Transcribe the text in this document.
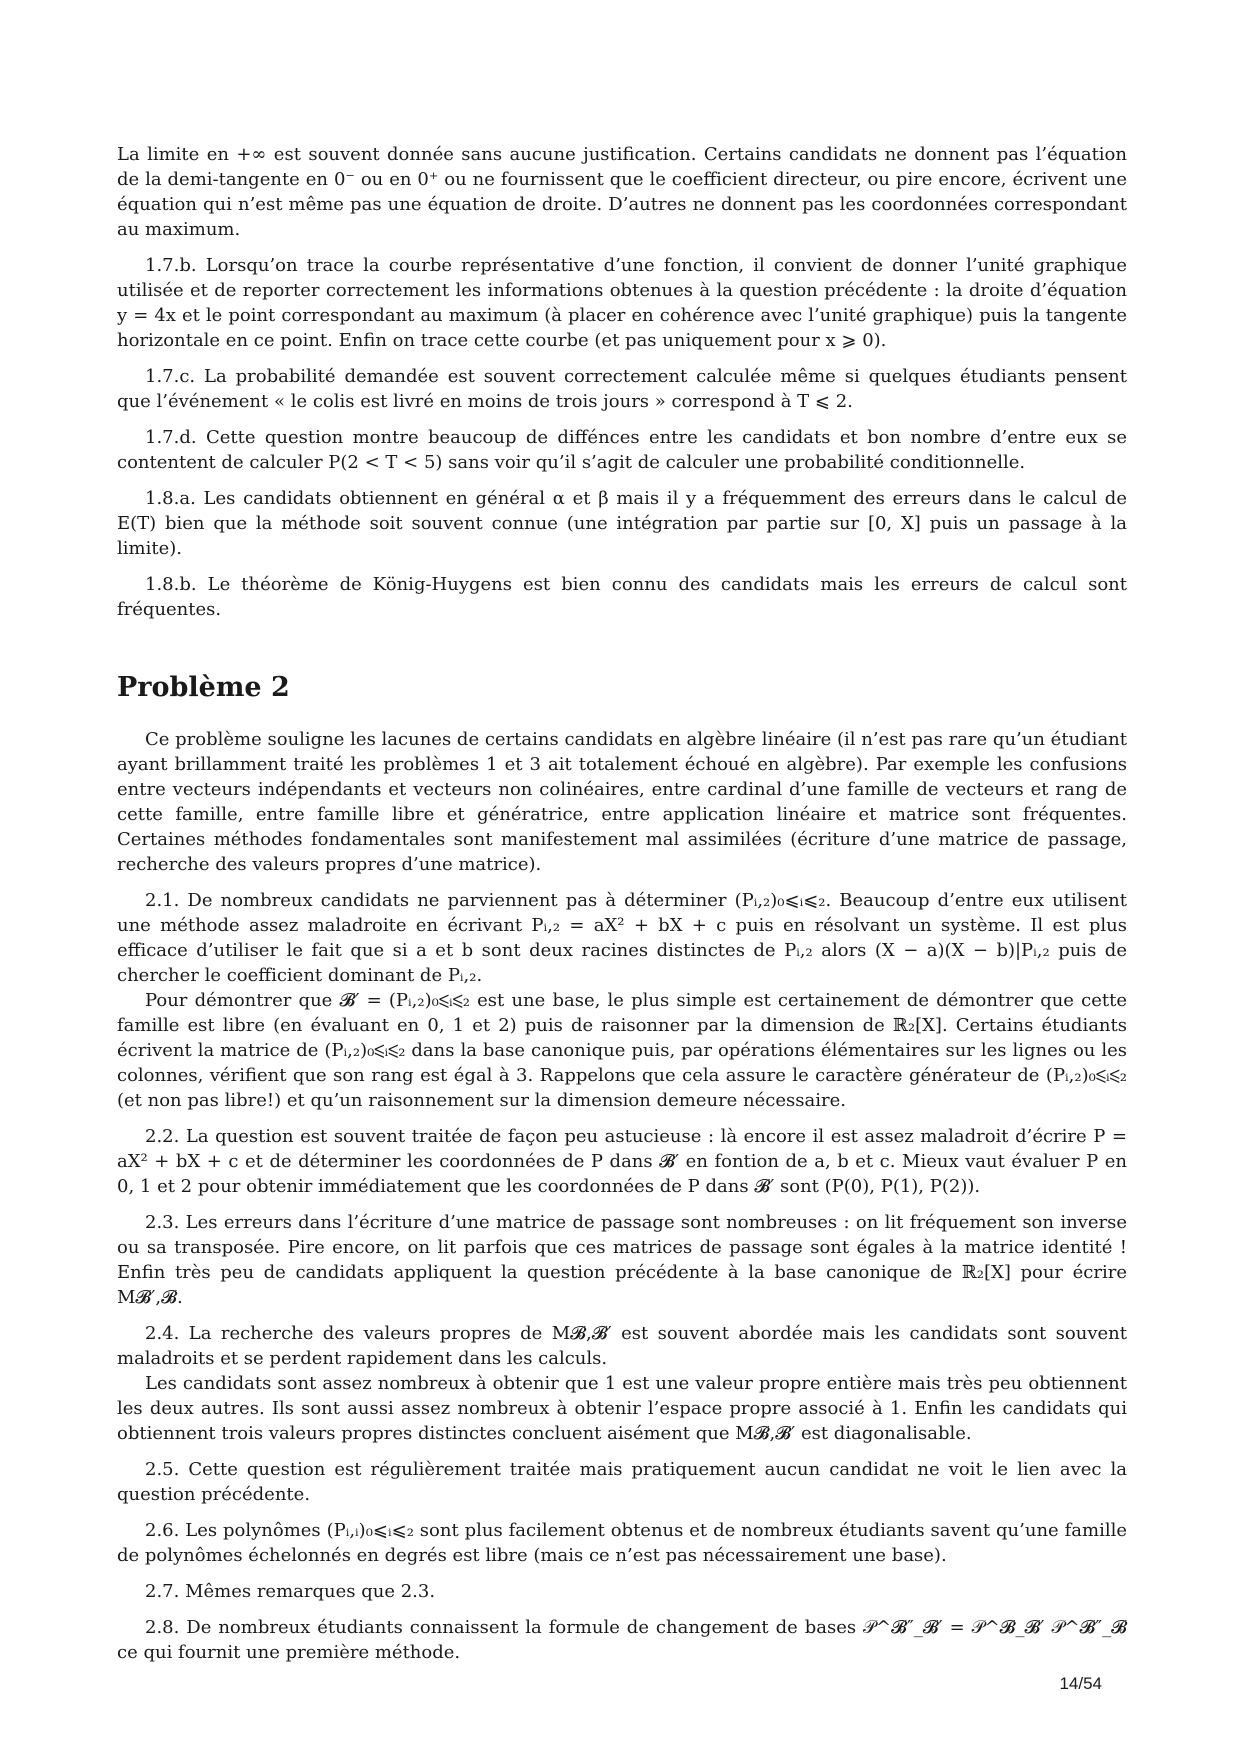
La limite en +∞ est souvent donnée sans aucune justification. Certains candidats ne donnent pas l’équation de la demi-tangente en 0⁻ ou en 0⁺ ou ne fournissent que le coefficient directeur, ou pire encore, écrivent une équation qui n’est même pas une équation de droite. D’autres ne donnent pas les coordonnées correspondant au maximum.

1.7.b. Lorsqu’on trace la courbe représentative d’une fonction, il convient de donner l’unité graphique utilisée et de reporter correctement les informations obtenues à la question précédente : la droite d’équation y = 4x et le point correspondant au maximum (à placer en cohérence avec l’unité graphique) puis la tangente horizontale en ce point. Enfin on trace cette courbe (et pas uniquement pour x ⩾ 0).

1.7.c. La probabilité demandée est souvent correctement calculée même si quelques étudiants pensent que l’événement « le colis est livré en moins de trois jours » correspond à T ⩽ 2.

1.7.d. Cette question montre beaucoup de diffénces entre les candidats et bon nombre d’entre eux se contentent de calculer P(2 < T < 5) sans voir qu’il s’agit de calculer une probabilité conditionnelle.

1.8.a. Les candidats obtiennent en général α et β mais il y a fréquemment des erreurs dans le calcul de E(T) bien que la méthode soit souvent connue (une intégration par partie sur [0, X] puis un passage à la limite).

1.8.b. Le théorème de König-Huygens est bien connu des candidats mais les erreurs de calcul sont fréquentes.

Problème 2

Ce problème souligne les lacunes de certains candidats en algèbre linéaire (il n’est pas rare qu’un étudiant ayant brillamment traité les problèmes 1 et 3 ait totalement échoué en algèbre). Par exemple les confusions entre vecteurs indépendants et vecteurs non colinéaires, entre cardinal d’une famille de vecteurs et rang de cette famille, entre famille libre et génératrice, entre application linéaire et matrice sont fréquentes. Certaines méthodes fondamentales sont manifestement mal assimilées (écriture d’une matrice de passage, recherche des valeurs propres d’une matrice).

2.1. De nombreux candidats ne parviennent pas à déterminer (Pᵢ,₂)₀⩽ᵢ⩽₂. Beaucoup d’entre eux utilisent une méthode assez maladroite en écrivant Pᵢ,₂ = aX² + bX + c puis en résolvant un système. Il est plus efficace d’utiliser le fait que si a et b sont deux racines distinctes de Pᵢ,₂ alors (X − a)(X − b)|Pᵢ,₂ puis de chercher le coefficient dominant de Pᵢ,₂.

Pour démontrer que 𝓑′ = (Pᵢ,₂)₀⩽ᵢ⩽₂ est une base, le plus simple est certainement de démontrer que cette famille est libre (en évaluant en 0, 1 et 2) puis de raisonner par la dimension de ℝ₂[X]. Certains étudiants écrivent la matrice de (Pᵢ,₂)₀⩽ᵢ⩽₂ dans la base canonique puis, par opérations élémentaires sur les lignes ou les colonnes, vérifient que son rang est égal à 3. Rappelons que cela assure le caractère générateur de (Pᵢ,₂)₀⩽ᵢ⩽₂ (et non pas libre!) et qu’un raisonnement sur la dimension demeure nécessaire.

2.2. La question est souvent traitée de façon peu astucieuse : là encore il est assez maladroit d’écrire P = aX² + bX + c et de déterminer les coordonnées de P dans 𝓑′ en fontion de a, b et c. Mieux vaut évaluer P en 0, 1 et 2 pour obtenir immédiatement que les coordonnées de P dans 𝓑′ sont (P(0), P(1), P(2)).

2.3. Les erreurs dans l’écriture d’une matrice de passage sont nombreuses : on lit fréquement son inverse ou sa transposée. Pire encore, on lit parfois que ces matrices de passage sont égales à la matrice identité ! Enfin très peu de candidats appliquent la question précédente à la base canonique de ℝ₂[X] pour écrire M𝓑′,𝓑.

2.4. La recherche des valeurs propres de M𝓑,𝓑′ est souvent abordée mais les candidats sont souvent maladroits et se perdent rapidement dans les calculs.

Les candidats sont assez nombreux à obtenir que 1 est une valeur propre entière mais très peu obtiennent les deux autres. Ils sont aussi assez nombreux à obtenir l’espace propre associé à 1. Enfin les candidats qui obtiennent trois valeurs propres distinctes concluent aisément que M𝓑,𝓑′ est diagonalisable.

2.5. Cette question est régulièrement traitée mais pratiquement aucun candidat ne voit le lien avec la question précédente.

2.6. Les polynômes (Pᵢ,ᵢ)₀⩽ᵢ⩽₂ sont plus facilement obtenus et de nombreux étudiants savent qu’une famille de polynômes échelonnés en degrés est libre (mais ce n’est pas nécessairement une base).

2.7. Mêmes remarques que 2.3.

2.8. De nombreux étudiants connaissent la formule de changement de bases 𝒫^𝓑″_𝓑′ = 𝒫^𝓑_𝓑′ 𝒫^𝓑″_𝓑 ce qui fournit une première méthode.

14/54
